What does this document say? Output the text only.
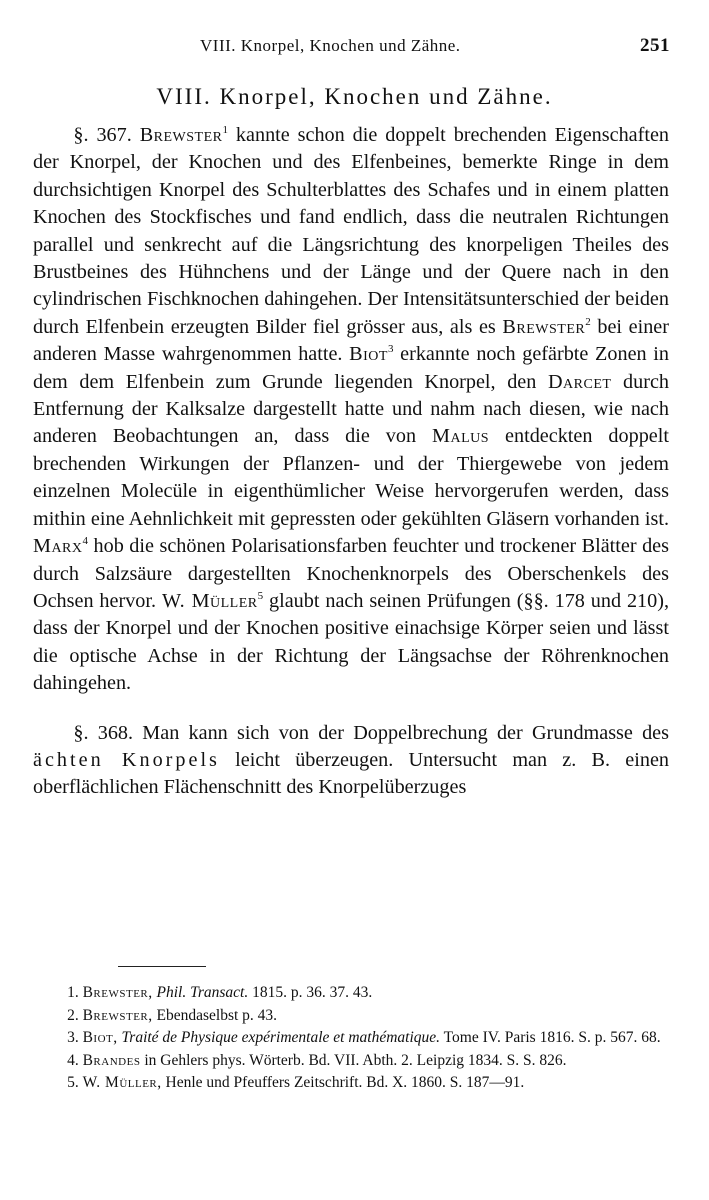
VIII. Knorpel, Knochen und Zähne.	251
VIII. Knorpel, Knochen und Zähne.

§. 367. Brewster$^1$ kannte schon die doppelt brechenden Eigenschaften der Knorpel, der Knochen und des Elfenbeines, bemerkte Ringe in dem durchsichtigen Knorpel des Schulterblattes des Schafes und in einem platten Knochen des Stockfisches und fand endlich, dass die neutralen Richtungen parallel und senkrecht auf die Längsrichtung des knorpeligen Theiles des Brustbeines des Hühnchens und der Länge und der Quere nach in den cylindrischen Fischknochen dahingehen. Der Intensitätsunterschied der beiden durch Elfenbein erzeugten Bilder fiel grösser aus, als es Brewster$^2$ bei einer anderen Masse wahrgenommen hatte. Biot$^3$ erkannte noch gefärbte Zonen in dem dem Elfenbein zum Grunde liegenden Knorpel, den Darcet durch Entfernung der Kalksalze dargestellt hatte und nahm nach diesen, wie nach anderen Beobachtungen an, dass die von Malus entdeckten doppelt brechenden Wirkungen der Pflanzen- und der Thiergewebe von jedem einzelnen Molecüle in eigenthümlicher Weise hervorgerufen werden, dass mithin eine Aehnlichkeit mit gepressten oder gekühlten Gläsern vorhanden ist. Marx$^4$ hob die schönen Polarisationsfarben feuchter und trockener Blätter des durch Salzsäure dargestellten Knochenknorpels des Oberschenkels des Ochsen hervor. W. Müller$^5$ glaubt nach seinen Prüfungen (§§. 178 und 210), dass der Knorpel und der Knochen positive einachsige Körper seien und lässt die optische Achse in der Richtung der Längsachse der Röhrenknochen dahingehen.

§. 368. Man kann sich von der Doppelbrechung der Grundmasse des ächten Knorpels leicht überzeugen. Untersucht man z. B. einen oberflächlichen Flächenschnitt des Knorpelüberzuges

1. Brewster, Phil. Transact. 1815. p. 36. 37. 43.
2. Brewster, Ebendaselbst p. 43.
3. Biot, Traité de Physique expérimentale et mathématique. Tome IV. Paris 1816. S. p. 567. 68.
4. Brandes in Gehlers phys. Wörterb. Bd. VII. Abth. 2. Leipzig 1834. S. S. 826.
5. W. Müller, Henle und Pfeuffers Zeitschrift. Bd. X. 1860. S. 187—91.
